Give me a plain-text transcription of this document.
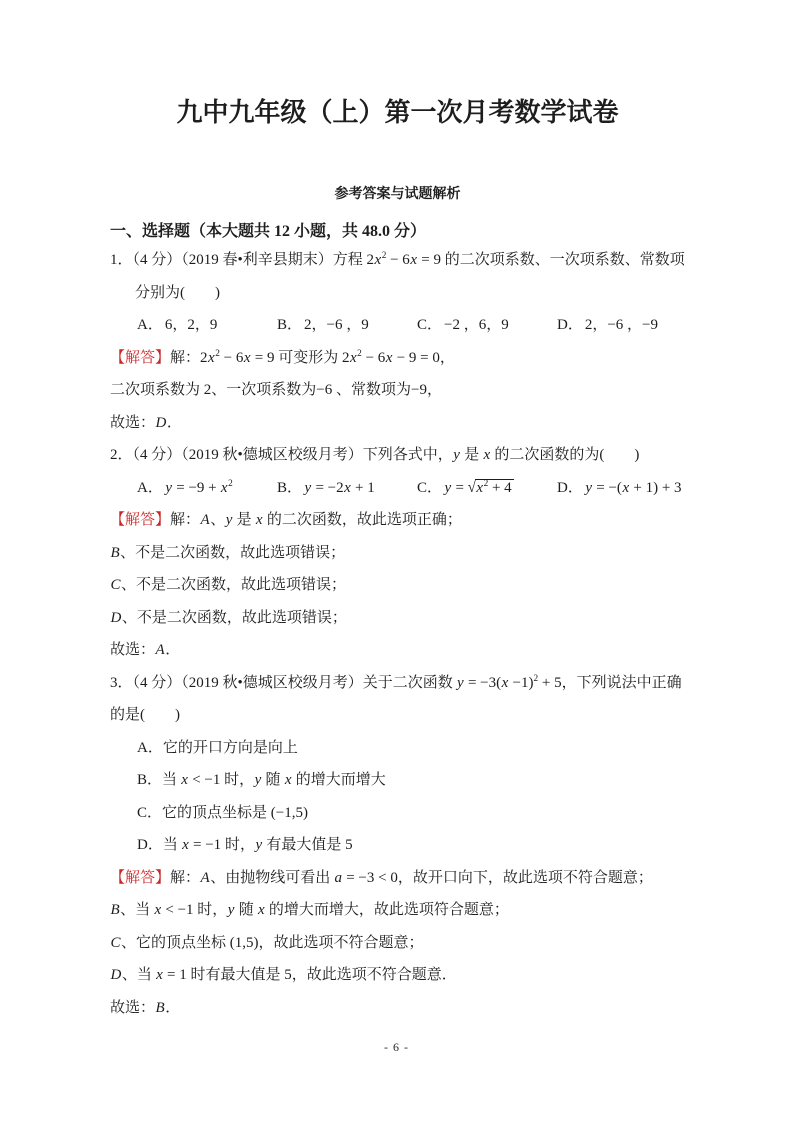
九中九年级（上）第一次月考数学试卷
参考答案与试题解析
一、选择题（本大题共 12 小题，共 48.0 分）

1．（4 分）（2019 春•利辛县期末）方程 $2x^2 - 6x = 9$ 的二次项系数、一次项系数、常数项

分别为(　　)

A． 6，2，9	B． 2，−6 ，9	C． −2 ，6，9	D． 2，−6 ，−9

【解答】解：$2x^2 - 6x = 9$ 可变形为 $2x^2 - 6x - 9 = 0$，

二次项系数为 2、一次项系数为−6 、常数项为−9，

故选：D．

2．（4 分）（2019 秋•德城区校级月考）下列各式中，y 是 x 的二次函数的为(　　)

A． $y = -9 + x^2$	B． y = −2x + 1	C． $y = √x^2 + 4$	D． y = −(x + 1) + 3

【解答】解：A、y 是 x 的二次函数，故此选项正确；

B、不是二次函数，故此选项错误；

C、不是二次函数，故此选项错误；

D、不是二次函数，故此选项错误；

故选：A．

3．（4 分）（2019 秋•德城区校级月考）关于二次函数 $y = -3(x -1)^2 + 5$，下列说法中正确

的是(　　)

A．它的开口方向是向上

B．当 x < −1 时，y 随 x 的增大而增大

C．它的顶点坐标是 (−1,5)

D．当 x = −1 时，y 有最大值是 5

【解答】解：A、由抛物线可看出 a = −3 < 0，故开口向下，故此选项不符合题意；

B、当 x < −1 时，y 随 x 的增大而增大，故此选项符合题意；

C、它的顶点坐标 (1,5)，故此选项不符合题意；

D、当 x = 1 时有最大值是 5，故此选项不符合题意．

故选：B．

- 6 -
